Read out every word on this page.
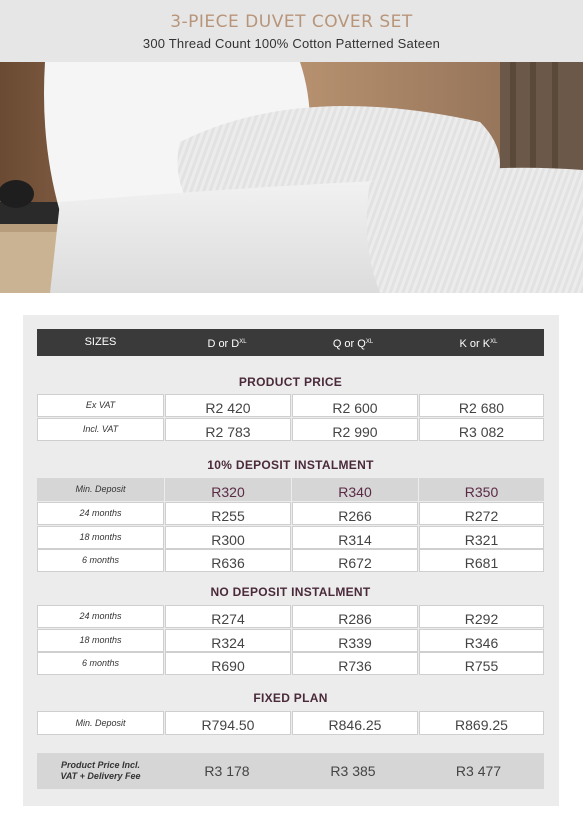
3-PIECE DUVET COVER SET
300 Thread Count 100% Cotton Patterned Sateen
SIZES	D or $D^{XL}$	Q or $Q^{XL}$	K or $K^{XL}$
PRODUCT PRICE
Ex VAT	R2 420	R2 600	R2 680
Incl. VAT	R2 783	R2 990	R3 082
10% DEPOSIT INSTALMENT
Min. Deposit	R320	R340	R350
24 months	R255	R266	R272
18 months	R300	R314	R321
6 months	R636	R672	R681
NO DEPOSIT INSTALMENT
24 months	R274	R286	R292
18 months	R324	R339	R346
6 months	R690	R736	R755
FIXED PLAN
Min. Deposit	R794.50	R846.25	R869.25
Product Price Incl.
VAT + Delivery Fee	R3 178	R3 385	R3 477
